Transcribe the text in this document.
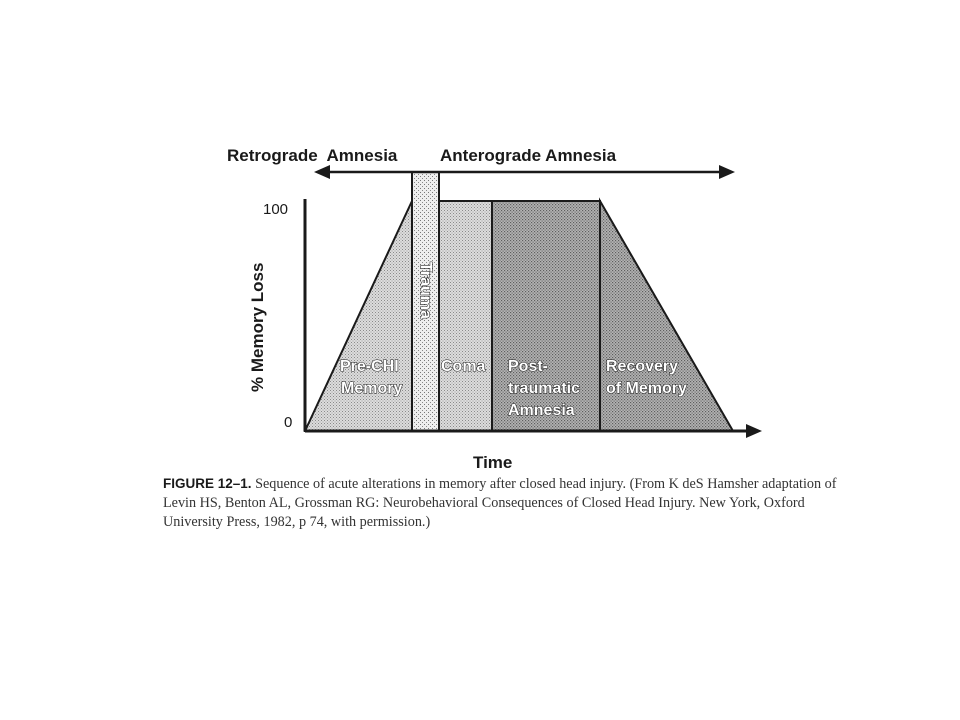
Retrograde  Amnesia	Anterograde Amnesia
100
0
% Memory Loss
Time
Trauma
Pre-CHI
Memory
Coma Post-
traumatic
Amnesia
Recovery
of Memory

FIGURE 12–1. Sequence of acute alterations in memory after closed head injury. (From K deS Hamsher adaptation of Levin HS, Benton AL, Grossman RG: Neurobehavioral Consequences of Closed Head Injury. New York, Oxford University Press, 1982, p 74, with permission.)
